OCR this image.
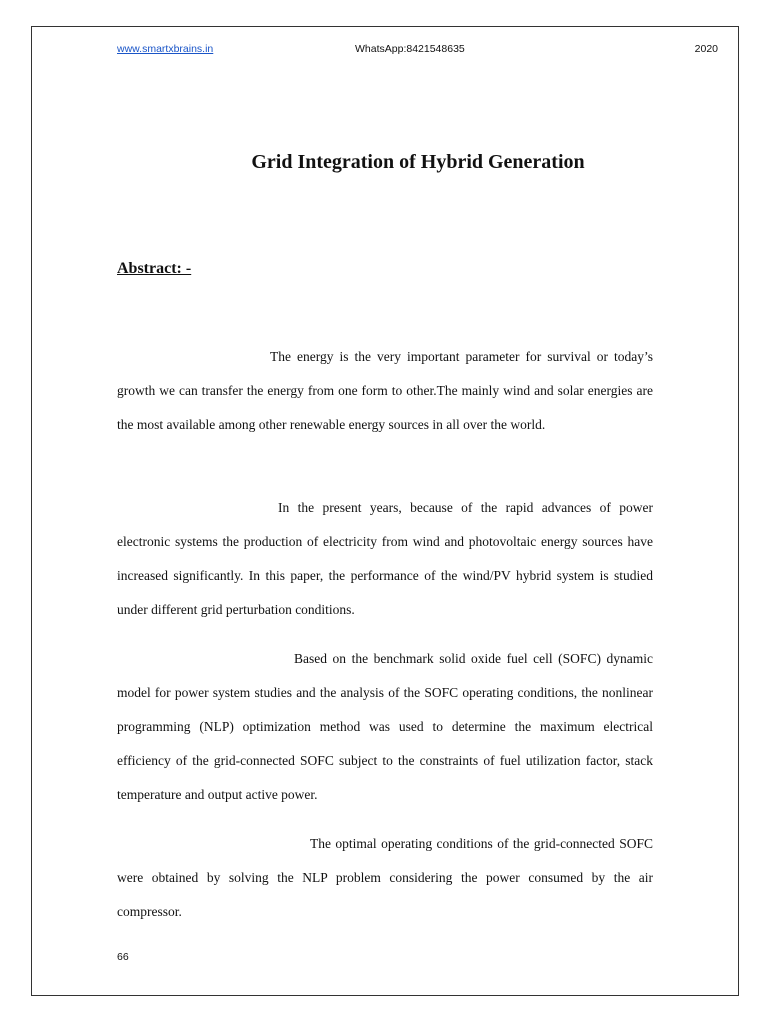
www.smartxbrains.in	WhatsApp:8421548635	2020
Grid Integration of Hybrid Generation
Abstract: -

The energy is the very important parameter for survival or today’s growth we can transfer the energy from one form to other.The mainly wind and solar energies are the most available among other renewable energy sources in all over the world.

In the present years, because of the rapid advances of power electronic systems the production of electricity from wind and photovoltaic energy sources have increased significantly. In this paper, the performance of the wind/PV hybrid system is studied under different grid perturbation conditions.

Based on the benchmark solid oxide fuel cell (SOFC) dynamic model for power system studies and the analysis of the SOFC operating conditions, the nonlinear programming (NLP) optimization method was used to determine the maximum electrical efficiency of the grid-connected SOFC subject to the constraints of fuel utilization factor, stack temperature and output active power.

The optimal operating conditions of the grid-connected SOFC were obtained by solving the NLP problem considering the power consumed by the air compressor.

66
